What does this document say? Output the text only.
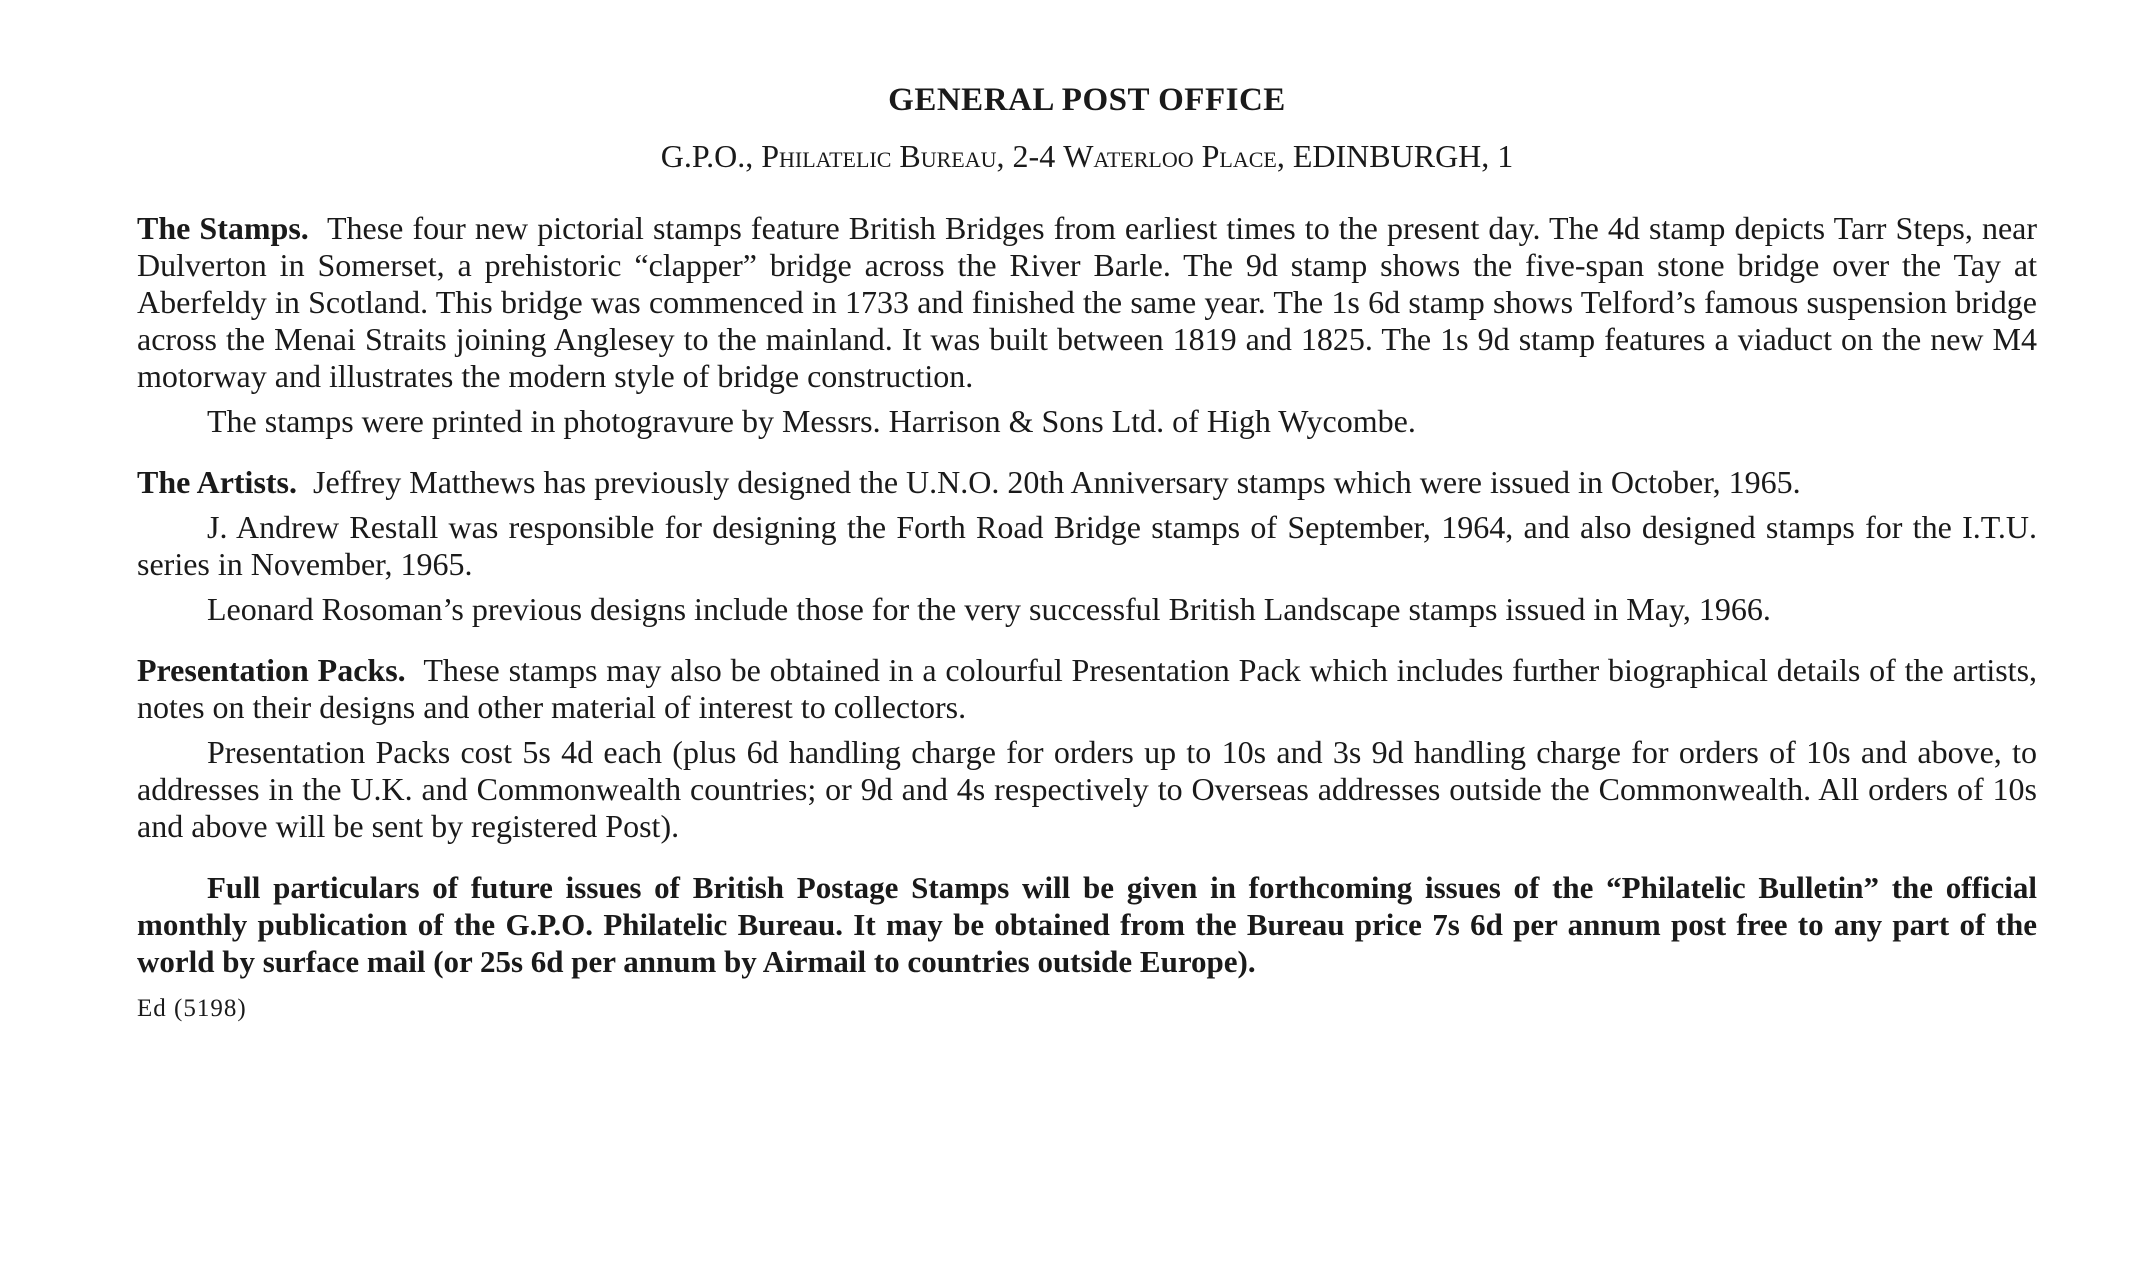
GENERAL POST OFFICE
G.P.O., Philatelic Bureau, 2-4 Waterloo Place, EDINBURGH, 1

The Stamps. These four new pictorial stamps feature British Bridges from earliest times to the present day. The 4d stamp depicts Tarr Steps, near Dulverton in Somerset, a prehistoric “clapper” bridge across the River Barle. The 9d stamp shows the five-span stone bridge over the Tay at Aberfeldy in Scotland. This bridge was commenced in 1733 and finished the same year. The 1s 6d stamp shows Telford’s famous suspension bridge across the Menai Straits joining Anglesey to the mainland. It was built between 1819 and 1825. The 1s 9d stamp features a viaduct on the new M4 motorway and illustrates the modern style of bridge construction.

The stamps were printed in photogravure by Messrs. Harrison & Sons Ltd. of High Wycombe.

The Artists. Jeffrey Matthews has previously designed the U.N.O. 20th Anniversary stamps which were issued in October, 1965.

J. Andrew Restall was responsible for designing the Forth Road Bridge stamps of September, 1964, and also designed stamps for the I.T.U. series in November, 1965.

Leonard Rosoman’s previous designs include those for the very successful British Landscape stamps issued in May, 1966.

Presentation Packs. These stamps may also be obtained in a colourful Presentation Pack which includes further biographical details of the artists, notes on their designs and other material of interest to collectors.

Presentation Packs cost 5s 4d each (plus 6d handling charge for orders up to 10s and 3s 9d handling charge for orders of 10s and above, to addresses in the U.K. and Commonwealth countries; or 9d and 4s respectively to Overseas addresses outside the Commonwealth. All orders of 10s and above will be sent by registered Post).

Full particulars of future issues of British Postage Stamps will be given in forthcoming issues of the “Philatelic Bulletin” the official monthly publication of the G.P.O. Philatelic Bureau. It may be obtained from the Bureau price 7s 6d per annum post free to any part of the world by surface mail (or 25s 6d per annum by Airmail to countries outside Europe).

Ed (5198)
